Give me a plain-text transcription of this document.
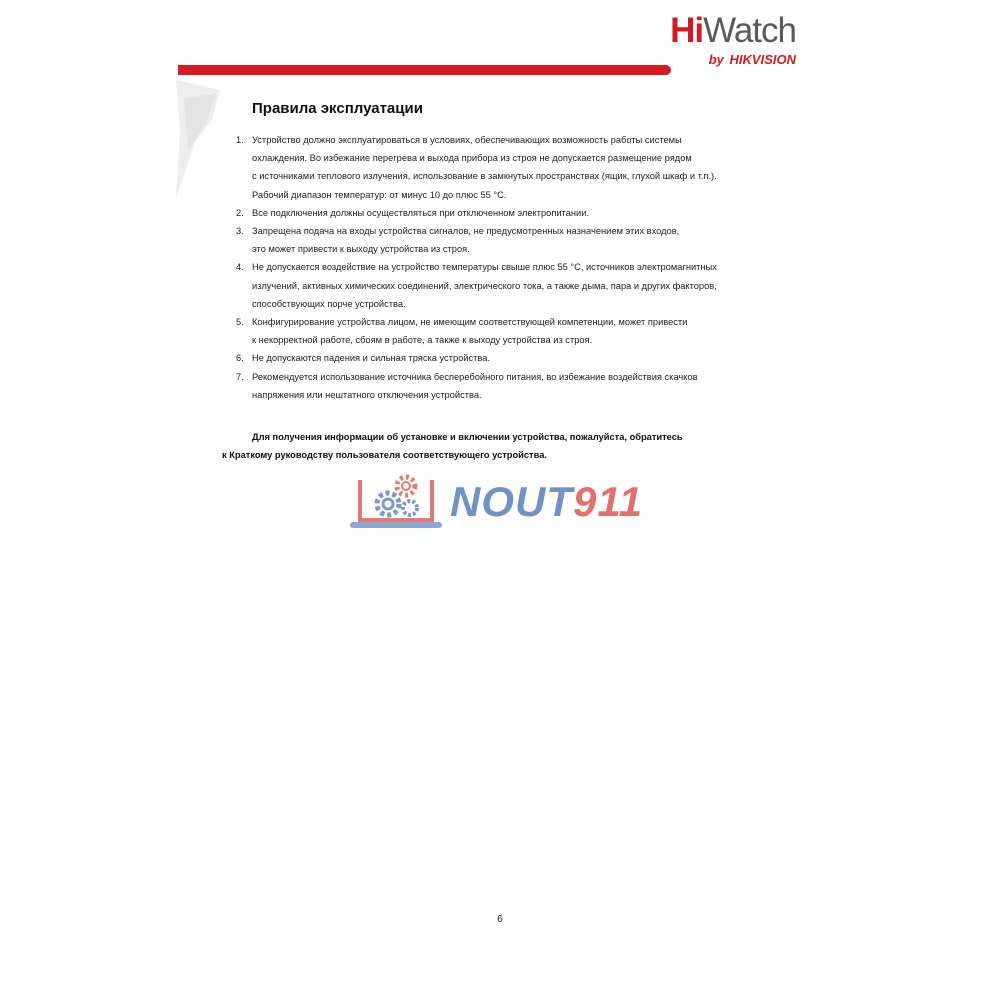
HiWatch
by HIKVISION
Правила эксплуатации
1. Устройство должно эксплуатироваться в условиях, обеспечивающих возможность работы системы
охлаждения. Во избежание перегрева и выхода прибора из строя не допускается размещение рядом
с источниками теплового излучения, использование в замкнутых пространствах (ящик, глухой шкаф и т.п.).
Рабочий диапазон температур: от минус 10 до плюс 55 °C.
2. Все подключения должны осуществляться при отключенном электропитании.
3. Запрещена подача на входы устройства сигналов, не предусмотренных назначением этих входов,
это может привести к выходу устройства из строя.
4. Не допускается воздействие на устройство температуры свыше плюс 55 °C, источников электромагнитных
излучений, активных химических соединений, электрического тока, а также дыма, пара и других факторов,
способствующих порче устройства.
5. Конфигурирование устройства лицом, не имеющим соответствующей компетенции, может привести
к некорректной работе, сбоям в работе, а также к выходу устройства из строя.
6. Не допускаются падения и сильная тряска устройства.
7. Рекомендуется использование источника бесперебойного питания, во избежание воздействия скачков
напряжения или нештатного отключения устройства.
Для получения информации об установке и включении устройства, пожалуйста, обратитесь
к Краткому руководству пользователя соответствующего устройства.
NOUT911
6
